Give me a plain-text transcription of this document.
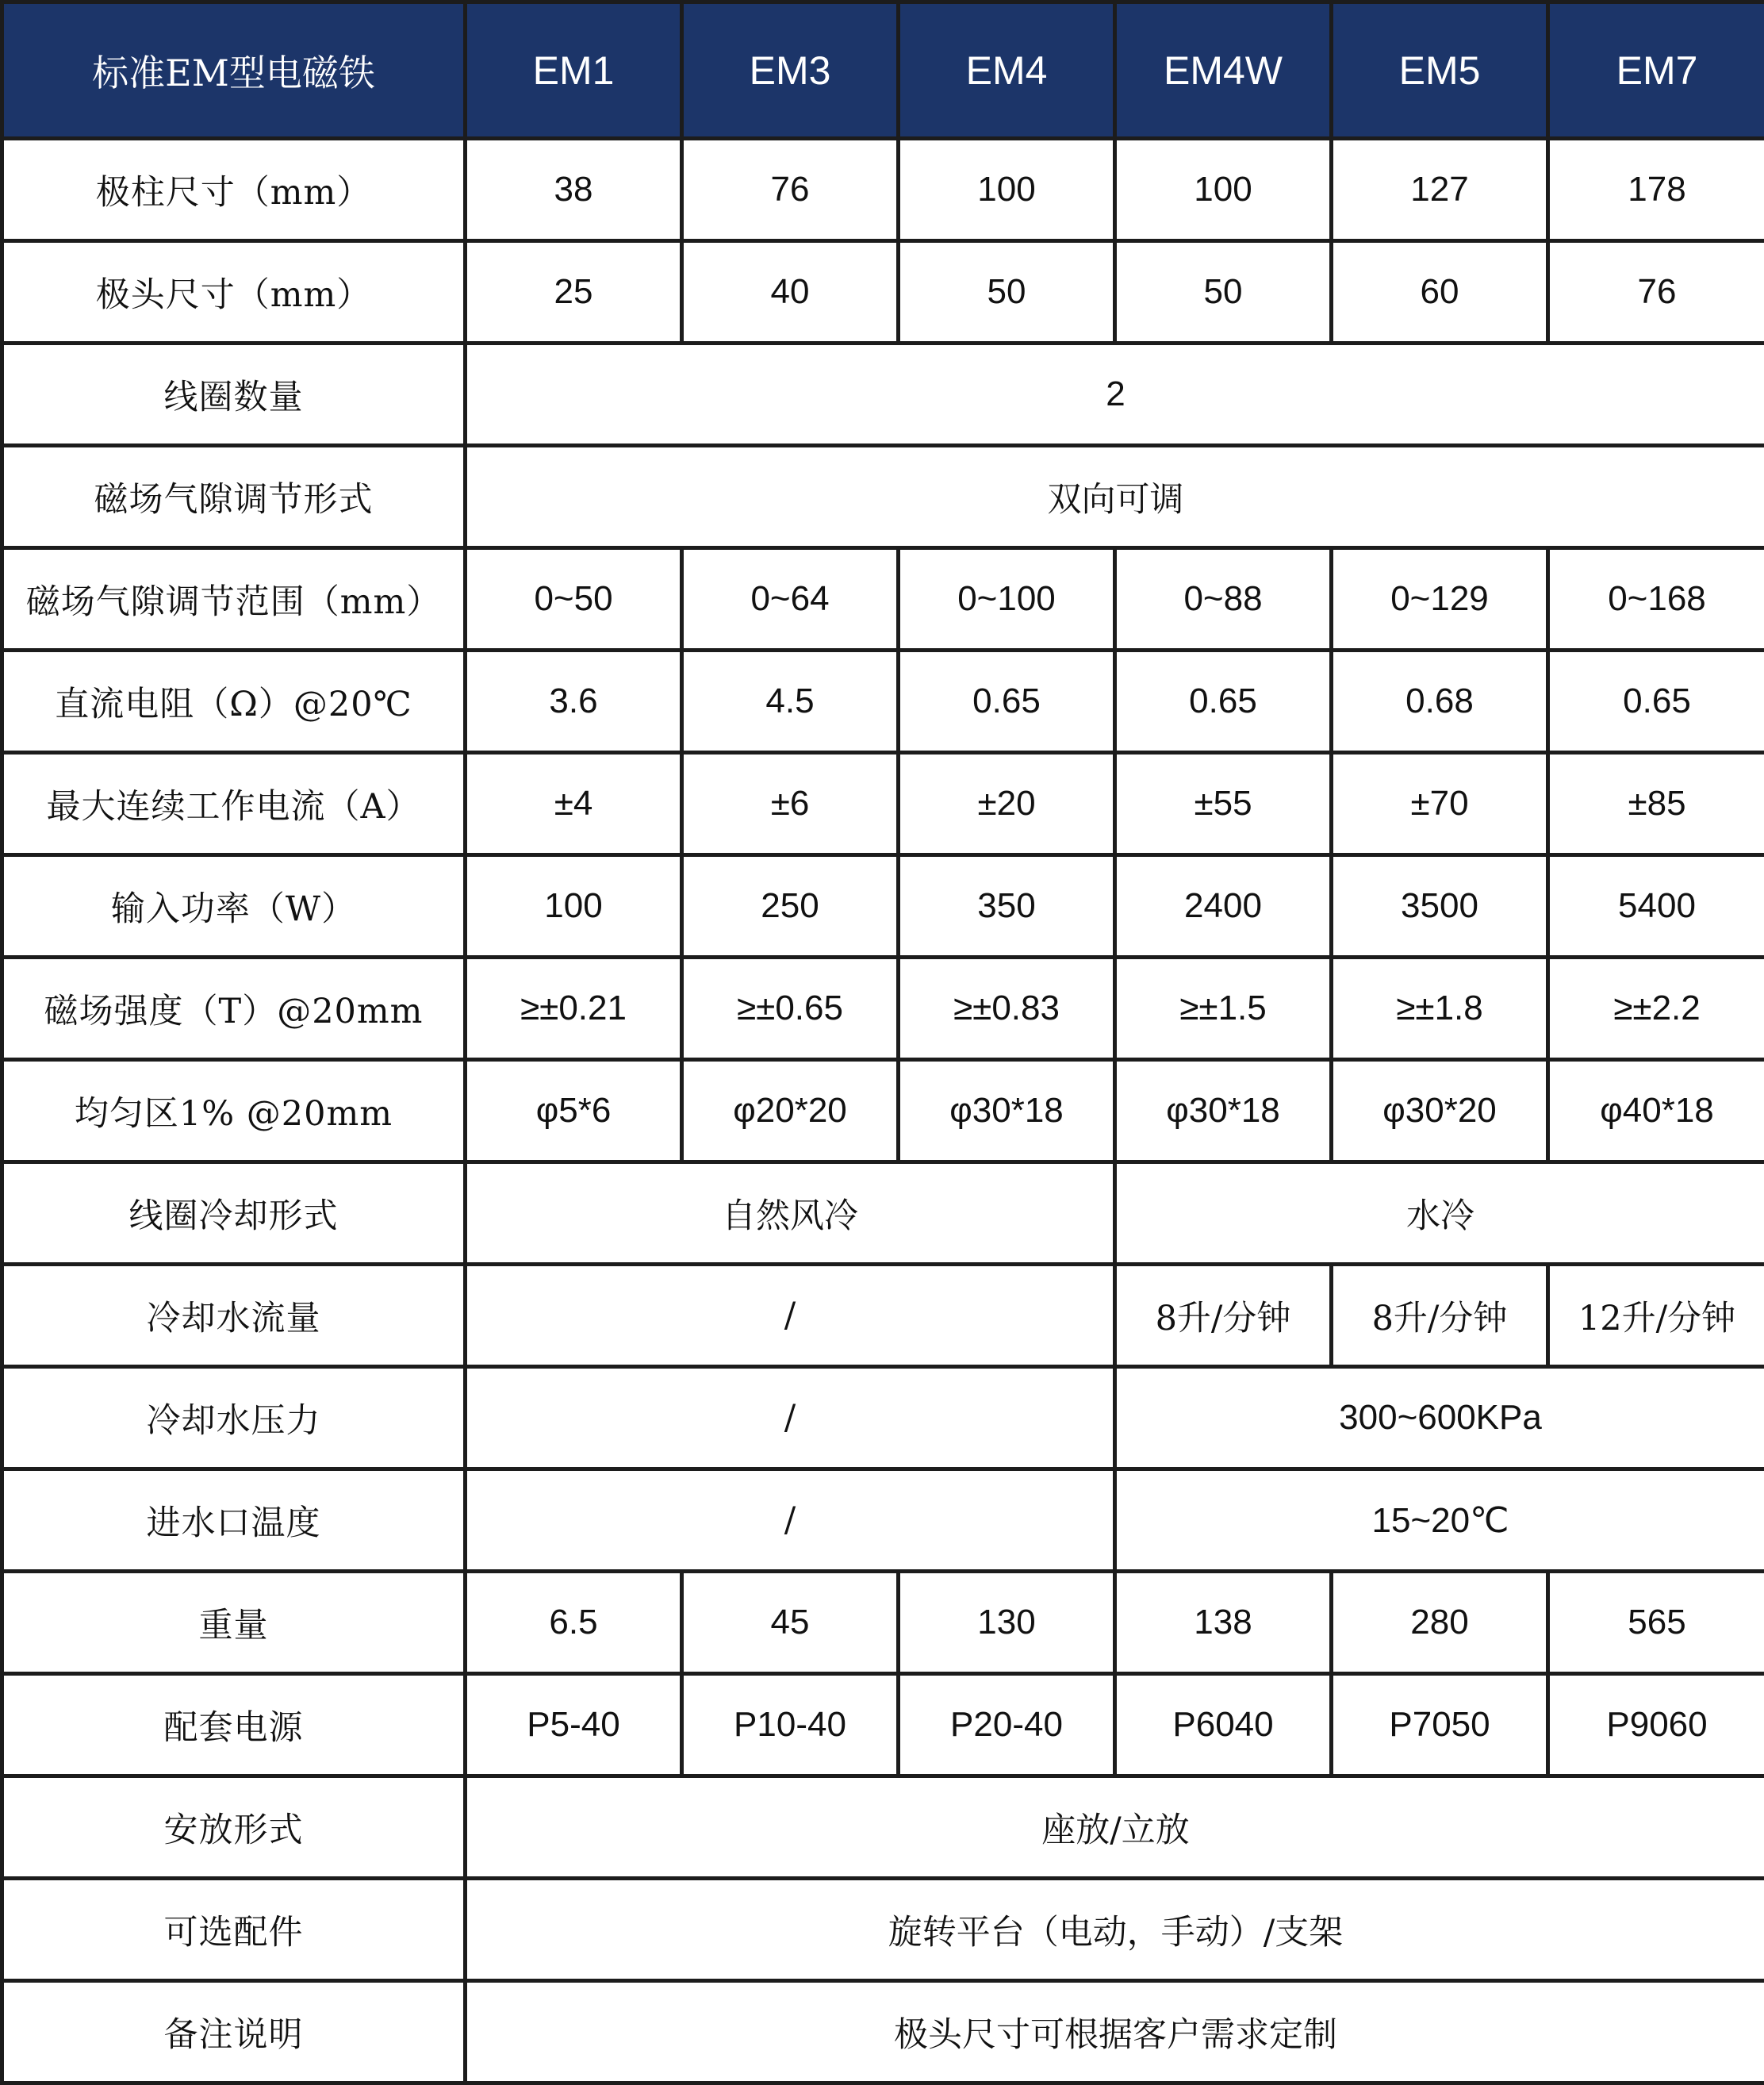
标准EM型电磁铁	EM1	EM3	EM4	EM4W	EM5	EM7
极柱尺寸（mm）	38	76	100	100	127	178
极头尺寸（mm）	25	40	50	50	60	76
线圈数量	2					
磁场气隙调节形式	双向可调					
磁场气隙调节范围（mm）	0~50	0~64	0~100	0~88	0~129	0~168
直流电阻（Ω）@20℃	3.6	4.5	0.65	0.65	0.68	0.65
最大连续工作电流（A）	±4	±6	±20	±55	±70	±85
输入功率（W）	100	250	350	2400	3500	5400
磁场强度（T）@20mm	≥±0.21	≥±0.65	≥±0.83	≥±1.5	≥±1.8	≥±2.2
均匀区1% @20mm	φ5*6	φ20*20	φ30*18	φ30*18	φ30*20	φ40*18
线圈冷却形式	自然风冷			水冷		
冷却水流量	/			8升/分钟	8升/分钟	12升/分钟
冷却水压力	/			300~600KPa		
进水口温度	/			15~20℃		
重量	6.5	45	130	138	280	565
配套电源	P5-40	P10-40	P20-40	P6040	P7050	P9060
安放形式	座放/立放					
可选配件	旋转平台（电动，手动）/支架					
备注说明	极头尺寸可根据客户需求定制					
